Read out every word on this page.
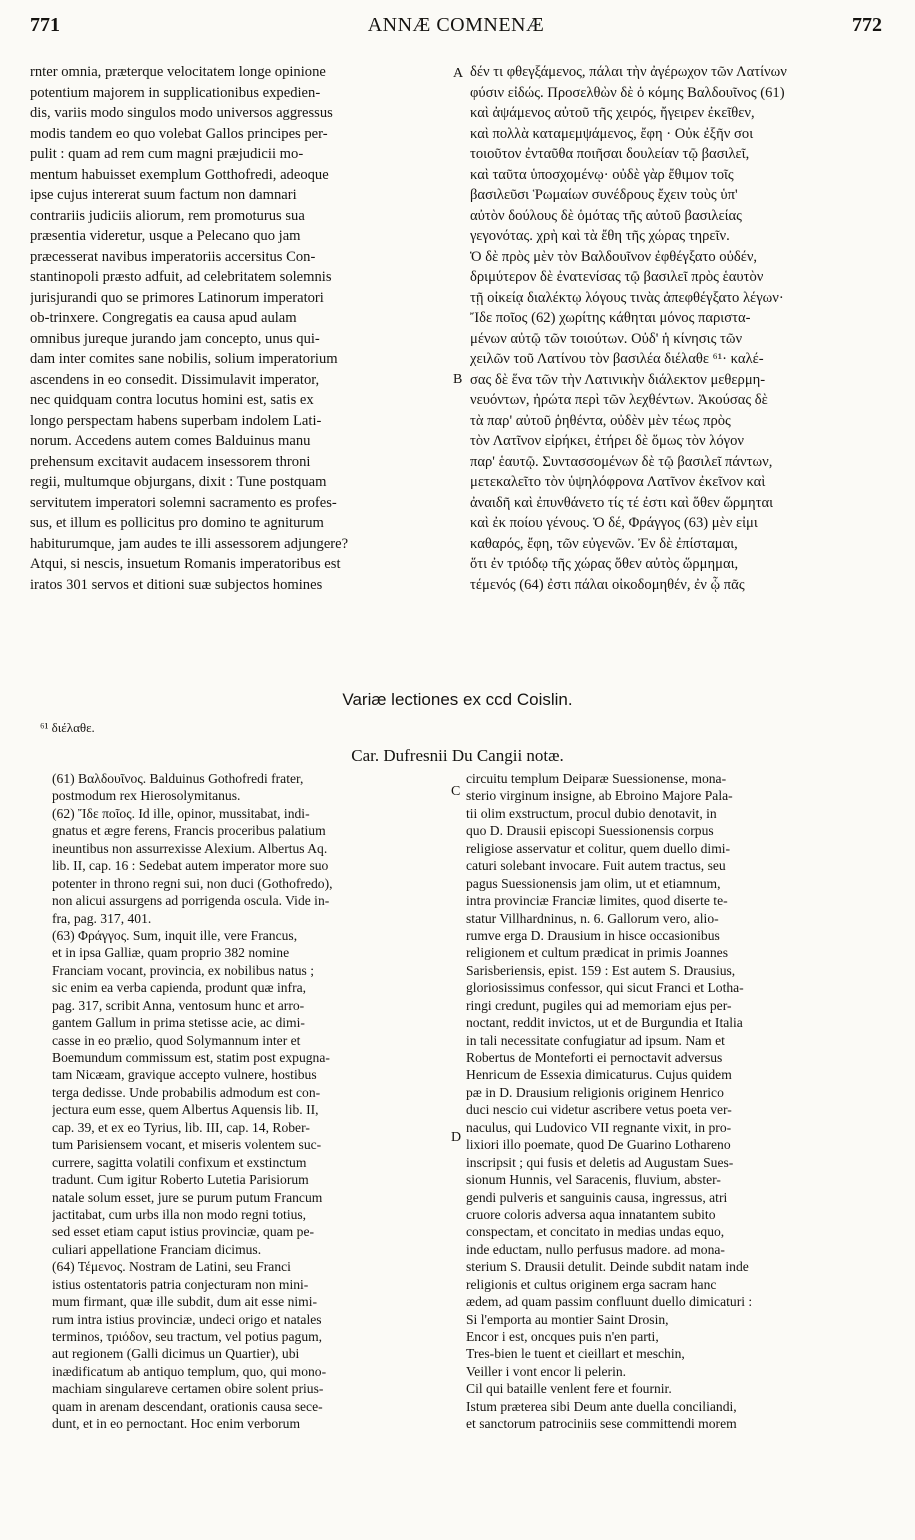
771	ANNÆ COMNENÆ	772
rnter omnia, præterque velocitatem longe opinione
potentium majorem in supplicationibus expedien-
dis, variis modo singulos modo universos aggressus
modis tandem eo quo volebat Gallos principes per-
pulit : quam ad rem cum magni præjudicii mo-
mentum habuisset exemplum Gotthofredi, adeoque
ipse cujus intererat suum factum non damnari
contrariis judiciis aliorum, rem promoturus sua
præsentia videretur, usque a Pelecano quo jam
præcesserat navibus imperatoriis accersitus Con-
stantinopoli præsto adfuit, ad celebritatem solemnis
jurisjurandi quo se primores Latinorum imperatori
ob-trinxere. Congregatis ea causa apud aulam
omnibus jureque jurando jam concepto, unus qui-
dam inter comites sane nobilis, solium imperatorium
ascendens in eo consedit. Dissimulavit imperator,
nec quidquam contra locutus homini est, satis ex
longo perspectam habens superbam indolem Lati-
norum. Accedens autem comes Balduinus manu
prehensum excitavit audacem insessorem throni
regii, multumque objurgans, dixit : Tune postquam
servitutem imperatori solemni sacramento es profes-
sus, et illum es pollicitus pro domino te agniturum
habiturumque, jam audes te illi assessorem adjungere?
Atqui, si nescis, insuetum Romanis imperatoribus est
iratos 301 servos et ditioni suæ subjectos homines
δέν τι φθεγξάμενος, πάλαι τὴν ἀγέρωχον τῶν Λατίνων
φύσιν εἰδώς. Προσελθὼν δὲ ὁ κόμης Βαλδουῖνος (61)
καὶ ἀψάμενος αὐτοῦ τῆς χειρός, ἤγειρεν ἐκεῖθεν,
καὶ πολλὰ καταμεμψάμενος, ἔφη · Οὐκ ἐξῆν σοι
τοιοῦτον ἐνταῦθα ποιῆσαι δουλείαν τῷ βασιλεῖ,
καὶ ταῦτα ὑποσχομένῳ· οὐδὲ γὰρ ἔθιμον τοῖς
βασιλεῦσι Ῥωμαίων συνέδρους ἔχειν τοὺς ὑπ'
αὐτὸν δούλους δὲ ὁμότας τῆς αὐτοῦ βασιλείας
γεγονότας. χρὴ καὶ τὰ ἔθη τῆς χώρας τηρεῖν.
Ὁ δὲ πρὸς μὲν τὸν Βαλδουῖνον ἐφθέγξατο οὐδέν,
δριμύτερον δὲ ἐνατενίσας τῷ βασιλεῖ πρὸς ἑαυτὸν
τῇ οἰκείᾳ διαλέκτῳ λόγους τινὰς ἀπεφθέγξατο λέγων·
Ἴδε ποῖος (62) χωρίτης κάθηται μόνος παριστα-
μένων αὐτῷ τῶν τοιούτων. Οὐδ' ἡ κίνησις τῶν
χειλῶν τοῦ Λατίνου τὸν βασιλέα διέλαθε ⁶¹· καλέ-
σας δὲ ἕνα τῶν τὴν Λατινικὴν διάλεκτον μεθερμη-
νευόντων, ἠρώτα περὶ τῶν λεχθέντων. Ἀκούσας δὲ
τὰ παρ' αὐτοῦ ῥηθέντα, οὐδὲν μὲν τέως πρὸς
τὸν Λατῖνον εἰρήκει, ἐτήρει δὲ ὅμως τὸν λόγον
παρ' ἑαυτῷ. Συντασσομένων δὲ τῷ βασιλεῖ πάντων,
μετεκαλεῖτο τὸν ὑψηλόφρονα Λατῖνον ἐκεῖνον καὶ
ἀναιδῆ καὶ ἐπυνθάνετο τίς τέ ἐστι καὶ ὅθεν ὥρμηται
καὶ ἐκ ποίου γένους. Ὁ δέ, Φράγγος (63) μὲν εἰμι
καθαρός, ἔφη, τῶν εὐγενῶν. Ἐν δὲ ἐπίσταμαι,
ὅτι ἐν τριόδῳ τῆς χώρας ὅθεν αὐτὸς ὥρμημαι,
τέμενός (64) ἐστι πάλαι οἰκοδομηθέν, ἐν ᾧ πᾶς
A
B
C
D
Variæ lectiones ex ccd Coislin.
⁶¹ διέλαθε.
Car. Dufresnii Du Cangii notæ.
(61) Βαλδουῖνος. Balduinus Gothofredi frater,
postmodum rex Hierosolymitanus.
(62) Ἴδε ποῖος. Id ille, opinor, mussitabat, indi-
gnatus et ægre ferens, Francis proceribus palatium
ineuntibus non assurrexisse Alexium. Albertus Aq.
lib. II, cap. 16 : Sedebat autem imperator more suo
potenter in throno regni sui, non duci (Gothofredo),
non alicui assurgens ad porrigenda oscula. Vide in-
fra, pag. 317, 401.
(63) Φράγγος. Sum, inquit ille, vere Francus,
et in ipsa Galliæ, quam proprio 382 nomine
Franciam vocant, provincia, ex nobilibus natus ;
sic enim ea verba capienda, produnt quæ infra,
pag. 317, scribit Anna, ventosum hunc et arro-
gantem Gallum in prima stetisse acie, ac dimi-
casse in eo prælio, quod Solymannum inter et
Boemundum commissum est, statim post expugna-
tam Nicæam, gravique accepto vulnere, hostibus
terga dedisse. Unde probabilis admodum est con-
jectura eum esse, quem Albertus Aquensis lib. II,
cap. 39, et ex eo Tyrius, lib. III, cap. 14, Rober-
tum Parisiensem vocant, et miseris volentem suc-
currere, sagitta volatili confixum et exstinctum
tradunt. Cum igitur Roberto Lutetia Parisiorum
natale solum esset, jure se purum putum Francum
jactitabat, cum urbs illa non modo regni totius,
sed esset etiam caput istius provinciæ, quam pe-
culiari appellatione Franciam dicimus.
(64) Τέμενος. Nostram de Latini, seu Franci
istius ostentatoris patria conjecturam non mini-
mum firmant, quæ ille subdit, dum ait esse nimi-
rum intra istius provinciæ, undeci origo et natales
terminos, τριόδον, seu tractum, vel potius pagum,
aut regionem (Galli dicimus un Quartier), ubi
inædificatum ab antiquo templum, quo, qui mono-
machiam singulareve certamen obire solent prius-
quam in arenam descendant, orationis causa sece-
dunt, et in eo pernoctant. Hoc enim verborum
circuitu templum Deiparæ Suessionense, mona-
sterio virginum insigne, ab Ebroino Majore Pala-
tii olim exstructum, procul dubio denotavit, in
quo D. Drausii episcopi Suessionensis corpus
religiose asservatur et colitur, quem duello dimi-
caturi solebant invocare. Fuit autem tractus, seu
pagus Suessionensis jam olim, ut et etiamnum,
intra provinciæ Franciæ limites, quod diserte te-
statur Villhardninus, n. 6. Gallorum vero, alio-
rumve erga D. Drausium in hisce occasionibus
religionem et cultum prædicat in primis Joannes
Sarisberiensis, epist. 159 : Est autem S. Drausius,
gloriosissimus confessor, qui sicut Franci et Lotha-
ringi credunt, pugiles qui ad memoriam ejus per-
noctant, reddit invictos, ut et de Burgundia et Italia
in tali necessitate confugiatur ad ipsum. Nam et
Robertus de Monteforti ei pernoctavit adversus
Henricum de Essexia dimicaturus. Cujus quidem
pæ in D. Drausium religionis originem Henrico
duci nescio cui videtur ascribere vetus poeta ver-
naculus, qui Ludovico VII regnante vixit, in pro-
lixiori illo poemate, quod De Guarino Lothareno
inscripsit ; qui fusis et deletis ad Augustam Sues-
sionum Hunnis, vel Saracenis, fluvium, abster-
gendi pulveris et sanguinis causa, ingressus, atri
cruore coloris adversa aqua innatantem subito
conspectam, et concitato in medias undas equo,
inde eductam, nullo perfusus madore. ad mona-
sterium S. Drausii detulit. Deinde subdit natam inde
religionis et cultus originem erga sacram hanc
ædem, ad quam passim confluunt duello dimicaturi :
Si l'emporta au montier Saint Drosin,
Encor i est, oncques puis n'en parti,
Tres-bien le tuent et cieillart et meschin,
Veiller i vont encor li pelerin.
Cil qui bataille venlent fere et fournir.
Istum præterea sibi Deum ante duella conciliandi,
et sanctorum patrociniis sese committendi morem
